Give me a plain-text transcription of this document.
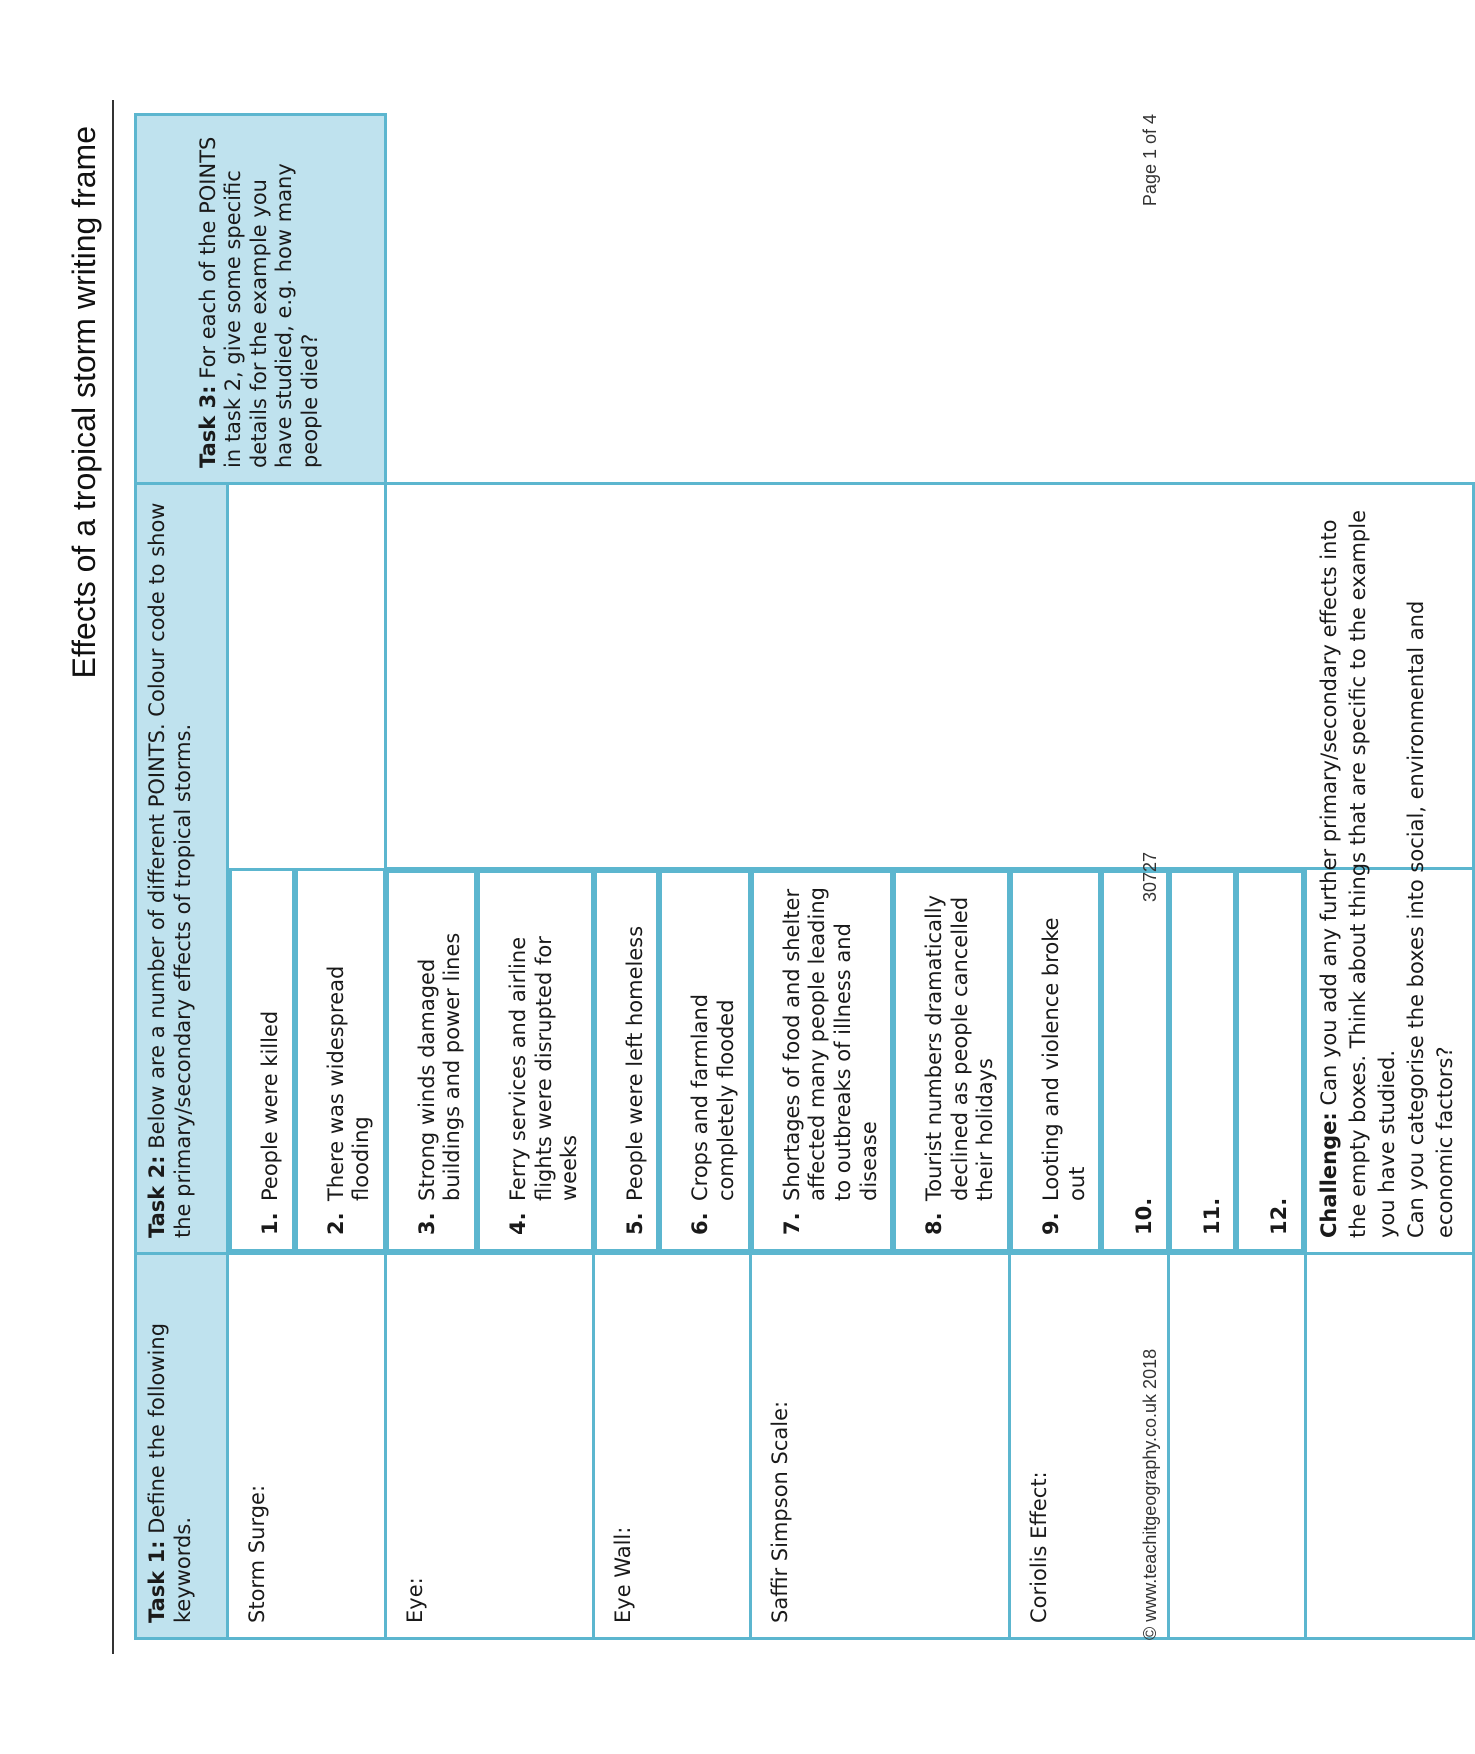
Effects of a tropical storm writing frame
Task 1: Define the following keywords.	Task 2: Below are a number of different POINTS. Colour code to show the primary/secondary effects of tropical storms.		Task 3: For each of the POINTS in task 2, give some specific details for the example you have studied, e.g. how many people died?
Storm Surge:	
1.
People were killed
2.
There was widespread flooding

Eye:	
3.
Strong winds damaged buildings and power lines
4.
Ferry services and airline flights were disrupted for weeks

Eye Wall:	
5.
People were left homeless
6.
Crops and farmland completely flooded

Saffir Simpson Scale:	
7.
Shortages of food and shelter affected many people leading to outbreaks of illness and disease
8.
Tourist numbers dramatically declined as people cancelled their holidays

Coriolis Effect:	
9.
Looting and violence broke out
10.	11. 12.	Challenge: Can you add any further primary/secondary effects into the empty boxes. Think about things that are specific to the example you have studied. Can you categorise the boxes into social, environmental and economic factors?		
© www.teachitgeography.co.uk 2018
30727
Page 1 of 4
